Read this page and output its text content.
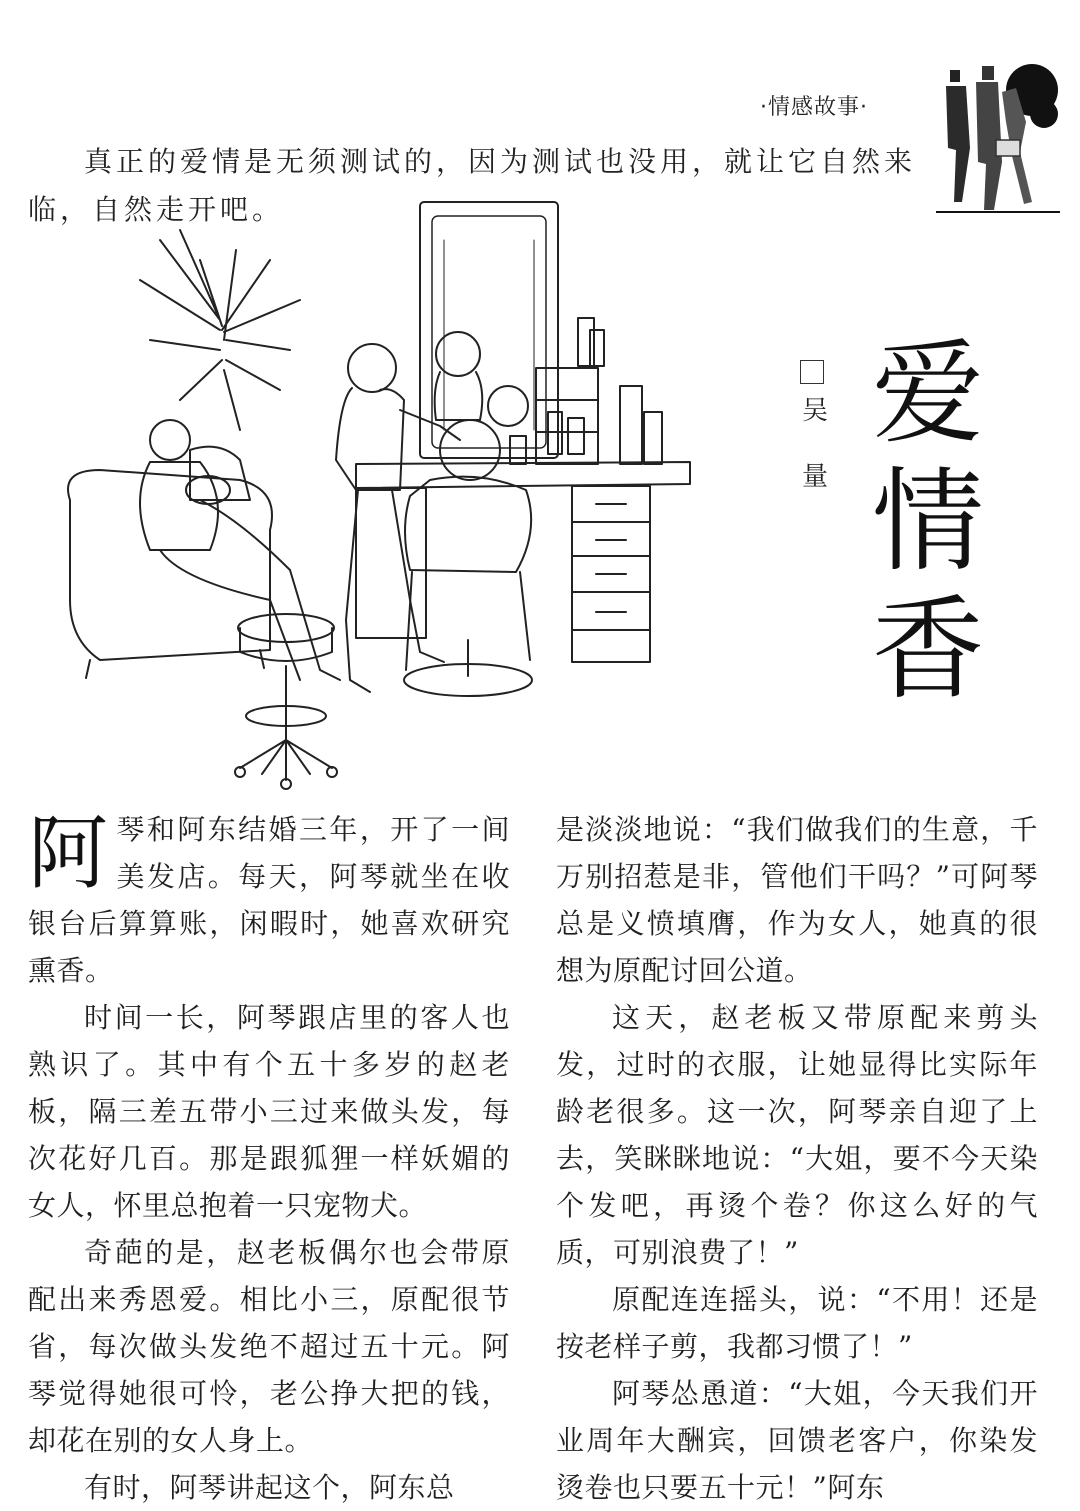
·情感故事·

真正的爱情是无须测试的，因为测试也没用，就让它自然来临，自然走开吧。

吴
量
爱
情
香

阿琴和阿东结婚三年，开了一间美发店。每天，阿琴就坐在收银台后算算账，闲暇时，她喜欢研究熏香。

时间一长，阿琴跟店里的客人也熟识了。其中有个五十多岁的赵老板，隔三差五带小三过来做头发，每次花好几百。那是跟狐狸一样妖媚的女人，怀里总抱着一只宠物犬。

奇葩的是，赵老板偶尔也会带原配出来秀恩爱。相比小三，原配很节省，每次做头发绝不超过五十元。阿琴觉得她很可怜，老公挣大把的钱，却花在别的女人身上。

有时，阿琴讲起这个，阿东总

是淡淡地说：“我们做我们的生意，千万别招惹是非，管他们干吗？”可阿琴总是义愤填膺，作为女人，她真的很想为原配讨回公道。

这天，赵老板又带原配来剪头发，过时的衣服，让她显得比实际年龄老很多。这一次，阿琴亲自迎了上去，笑眯眯地说：“大姐，要不今天染个发吧，再烫个卷？你这么好的气质，可别浪费了！”

原配连连摇头，说：“不用！还是按老样子剪，我都习惯了！”

阿琴怂恿道：“大姐，今天我们开业周年大酬宾，回馈老客户，你染发烫卷也只要五十元！”阿东
